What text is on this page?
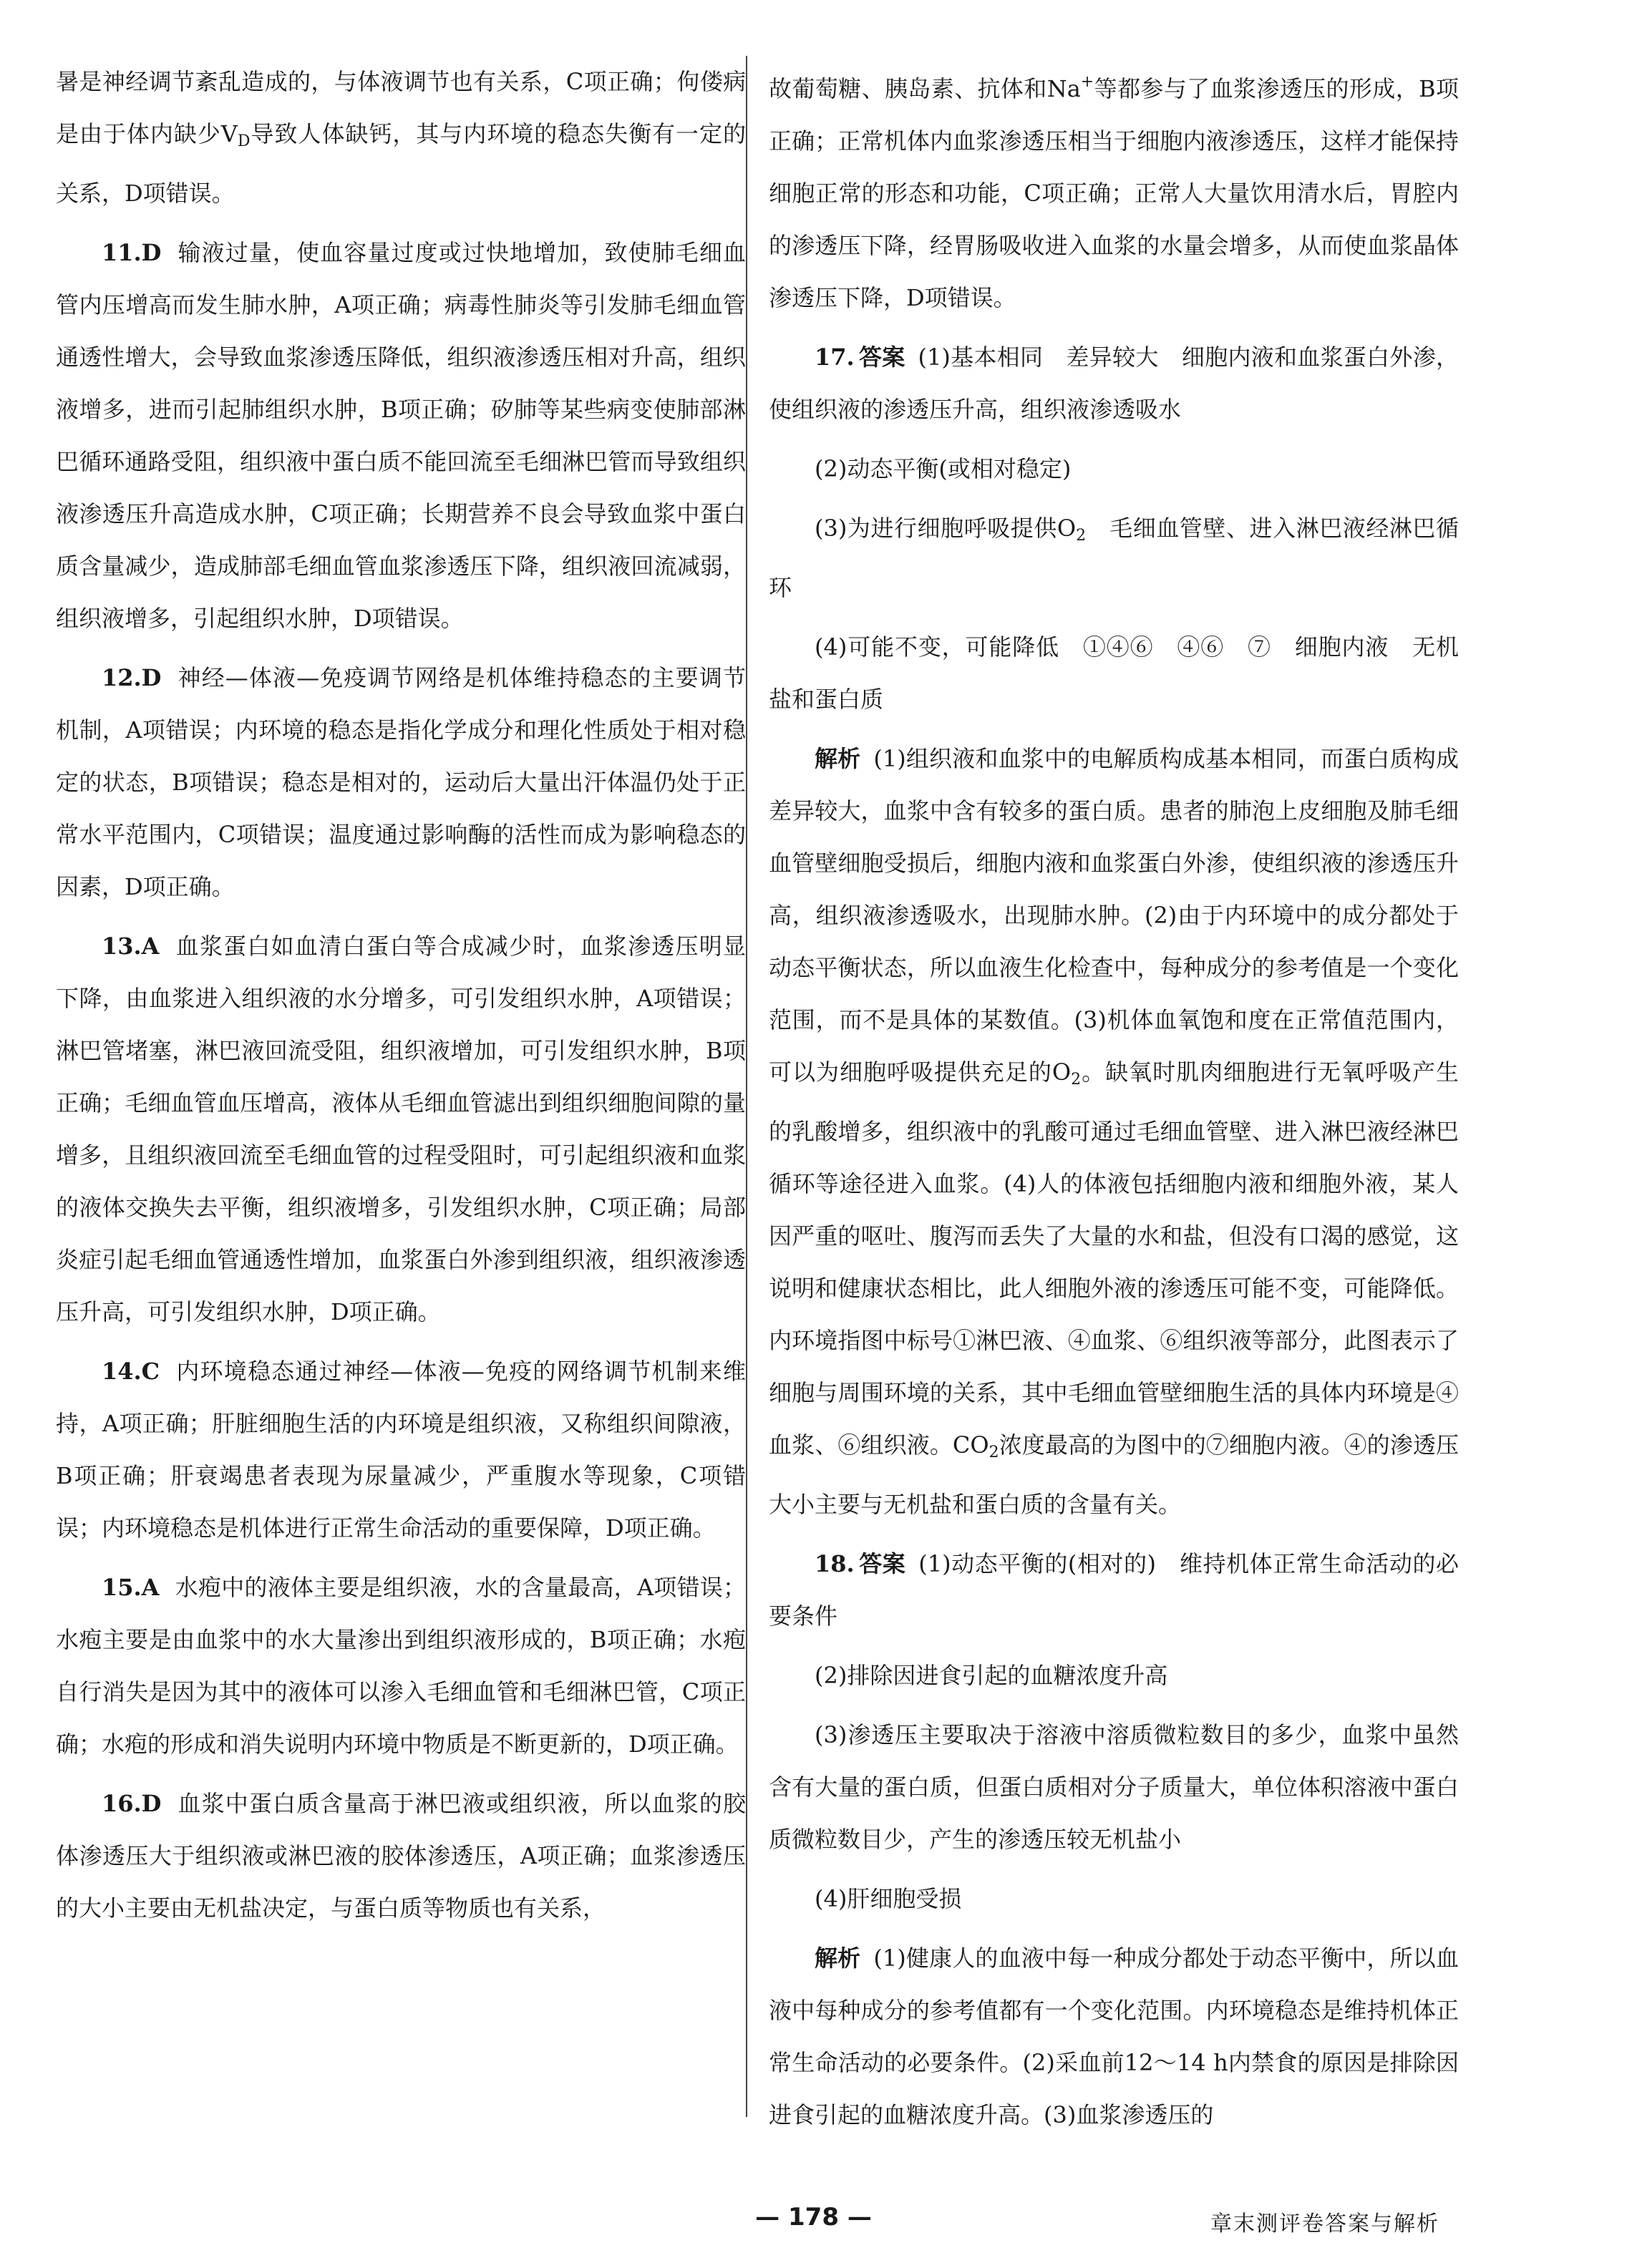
暑是神经调节紊乱造成的，与体液调节也有关系，C项正确；佝偻病是由于体内缺少$V_D$导致人体缺钙，其与内环境的稳态失衡有一定的关系，D项错误。

11.D 输液过量，使血容量过度或过快地增加，致使肺毛细血管内压增高而发生肺水肿，A项正确；病毒性肺炎等引发肺毛细血管通透性增大，会导致血浆渗透压降低，组织液渗透压相对升高，组织液增多，进而引起肺组织水肿，B项正确；矽肺等某些病变使肺部淋巴循环通路受阻，组织液中蛋白质不能回流至毛细淋巴管而导致组织液渗透压升高造成水肿，C项正确；长期营养不良会导致血浆中蛋白质含量减少，造成肺部毛细血管血浆渗透压下降，组织液回流减弱，组织液增多，引起组织水肿，D项错误。

12.D 神经—体液—免疫调节网络是机体维持稳态的主要调节机制，A项错误；内环境的稳态是指化学成分和理化性质处于相对稳定的状态，B项错误；稳态是相对的，运动后大量出汗体温仍处于正常水平范围内，C项错误；温度通过影响酶的活性而成为影响稳态的因素，D项正确。

13.A 血浆蛋白如血清白蛋白等合成减少时，血浆渗透压明显下降，由血浆进入组织液的水分增多，可引发组织水肿，A项错误；淋巴管堵塞，淋巴液回流受阻，组织液增加，可引发组织水肿，B项正确；毛细血管血压增高，液体从毛细血管滤出到组织细胞间隙的量增多，且组织液回流至毛细血管的过程受阻时，可引起组织液和血浆的液体交换失去平衡，组织液增多，引发组织水肿，C项正确；局部炎症引起毛细血管通透性增加，血浆蛋白外渗到组织液，组织液渗透压升高，可引发组织水肿，D项正确。

14.C 内环境稳态通过神经—体液—免疫的网络调节机制来维持，A项正确；肝脏细胞生活的内环境是组织液，又称组织间隙液，B项正确；肝衰竭患者表现为尿量减少，严重腹水等现象，C项错误；内环境稳态是机体进行正常生命活动的重要保障，D项正确。

15.A 水疱中的液体主要是组织液，水的含量最高，A项错误；水疱主要是由血浆中的水大量渗出到组织液形成的，B项正确；水疱自行消失是因为其中的液体可以渗入毛细血管和毛细淋巴管，C项正确；水疱的形成和消失说明内环境中物质是不断更新的，D项正确。

16.D 血浆中蛋白质含量高于淋巴液或组织液，所以血浆的胶体渗透压大于组织液或淋巴液的胶体渗透压，A项正确；血浆渗透压的大小主要由无机盐决定，与蛋白质等物质也有关系，

故葡萄糖、胰岛素、抗体和Na+等都参与了血浆渗透压的形成，B项正确；正常机体内血浆渗透压相当于细胞内液渗透压，这样才能保持细胞正常的形态和功能，C项正确；正常人大量饮用清水后，胃腔内的渗透压下降，经胃肠吸收进入血浆的水量会增多，从而使血浆晶体渗透压下降，D项错误。

17. 答案 (1)基本相同　差异较大　细胞内液和血浆蛋白外渗，使组织液的渗透压升高，组织液渗透吸水

(2)动态平衡(或相对稳定)

(3)为进行细胞呼吸提供$O_2$　毛细血管壁、进入淋巴液经淋巴循环

(4)可能不变，可能降低　①④⑥　④⑥　⑦　细胞内液　无机盐和蛋白质

解析 (1)组织液和血浆中的电解质构成基本相同，而蛋白质构成差异较大，血浆中含有较多的蛋白质。患者的肺泡上皮细胞及肺毛细血管壁细胞受损后，细胞内液和血浆蛋白外渗，使组织液的渗透压升高，组织液渗透吸水，出现肺水肿。(2)由于内环境中的成分都处于动态平衡状态，所以血液生化检查中，每种成分的参考值是一个变化范围，而不是具体的某数值。(3)机体血氧饱和度在正常值范围内，可以为细胞呼吸提供充足的$O_2$。缺氧时肌肉细胞进行无氧呼吸产生的乳酸增多，组织液中的乳酸可通过毛细血管壁、进入淋巴液经淋巴循环等途径进入血浆。(4)人的体液包括细胞内液和细胞外液，某人因严重的呕吐、腹泻而丢失了大量的水和盐，但没有口渴的感觉，这说明和健康状态相比，此人细胞外液的渗透压可能不变，可能降低。内环境指图中标号①淋巴液、④血浆、⑥组织液等部分，此图表示了细胞与周围环境的关系，其中毛细血管壁细胞生活的具体内环境是④血浆、⑥组织液。$CO_2$浓度最高的为图中的⑦细胞内液。④的渗透压大小主要与无机盐和蛋白质的含量有关。

18. 答案 (1)动态平衡的(相对的)　维持机体正常生命活动的必要条件

(2)排除因进食引起的血糖浓度升高

(3)渗透压主要取决于溶液中溶质微粒数目的多少，血浆中虽然含有大量的蛋白质，但蛋白质相对分子质量大，单位体积溶液中蛋白质微粒数目少，产生的渗透压较无机盐小

(4)肝细胞受损

解析 (1)健康人的血液中每一种成分都处于动态平衡中，所以血液中每种成分的参考值都有一个变化范围。内环境稳态是维持机体正常生命活动的必要条件。(2)采血前12～14 h内禁食的原因是排除因进食引起的血糖浓度升高。(3)血浆渗透压的

— 178 —	章末测评卷答案与解析
